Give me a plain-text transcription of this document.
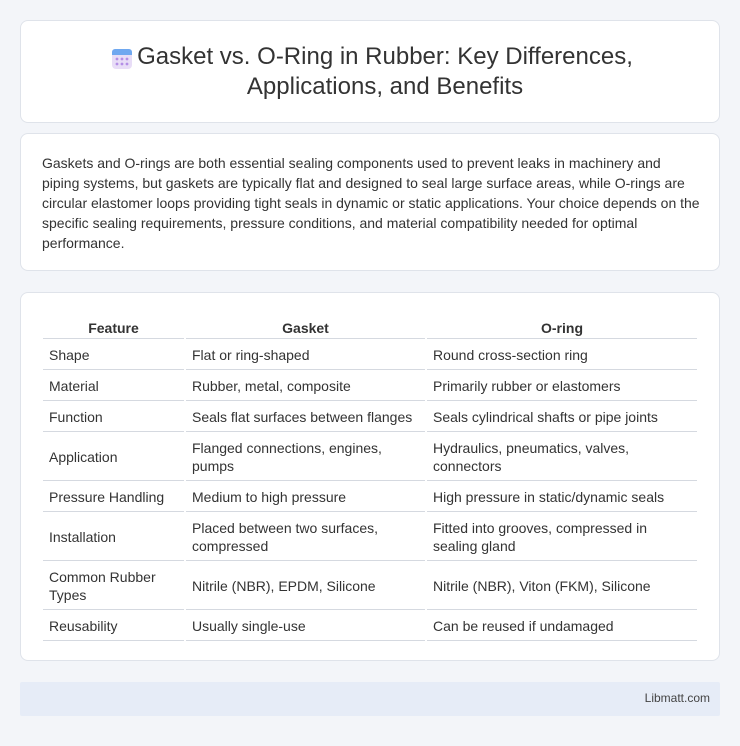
Gasket vs. O-Ring in Rubber: Key Differences, Applications, and Benefits

Gaskets and O-rings are both essential sealing components used to prevent leaks in machinery and piping systems, but gaskets are typically flat and designed to seal large surface areas, while O-rings are circular elastomer loops providing tight seals in dynamic or static applications. Your choice depends on the specific sealing requirements, pressure conditions, and material compatibility needed for optimal performance.

Feature	Gasket	O-ring
Shape	Flat or ring-shaped	Round cross-section ring
Material	Rubber, metal, composite	Primarily rubber or elastomers
Function	Seals flat surfaces between flanges	Seals cylindrical shafts or pipe joints
Application	Flanged connections, engines, pumps	Hydraulics, pneumatics, valves, connectors
Pressure Handling	Medium to high pressure	High pressure in static/dynamic seals
Installation	Placed between two surfaces, compressed	Fitted into grooves, compressed in sealing gland
Common Rubber Types	Nitrile (NBR), EPDM, Silicone	Nitrile (NBR), Viton (FKM), Silicone
Reusability	Usually single-use	Can be reused if undamaged
Libmatt.com
